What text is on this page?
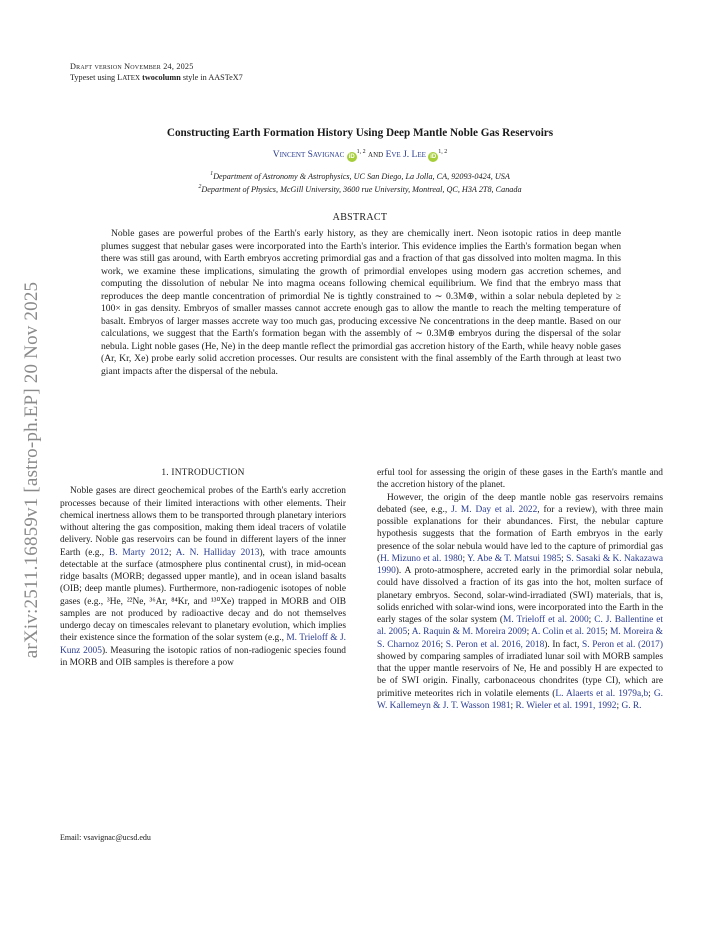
Draft version November 24, 2025
Typeset using LATEX twocolumn style in AASTeX7
arXiv:2511.16859v1 [astro-ph.EP] 20 Nov 2025
Constructing Earth Formation History Using Deep Mantle Noble Gas Reservoirs
Vincent Savignac iD$^{1, 2}$ and Eve J. Lee iD$^{1, 2}$
$^1$Department of Astronomy & Astrophysics, UC San Diego, La Jolla, CA, 92093-0424, USA
$^2$Department of Physics, McGill University, 3600 rue University, Montreal, QC, H3A 2T8, Canada
ABSTRACT

Noble gases are powerful probes of the Earth's early history, as they are chemically inert. Neon isotopic ratios in deep mantle plumes suggest that nebular gases were incorporated into the Earth's interior. This evidence implies the Earth's formation began when there was still gas around, with Earth embryos accreting primordial gas and a fraction of that gas dissolved into molten magma. In this work, we examine these implications, simulating the growth of primordial envelopes using modern gas accretion schemes, and computing the dissolution of nebular Ne into magma oceans following chemical equilibrium. We find that the embryo mass that reproduces the deep mantle concentration of primordial Ne is tightly constrained to ∼ 0.3M⊕, within a solar nebula depleted by ≥ 100× in gas density. Embryos of smaller masses cannot accrete enough gas to allow the mantle to reach the melting temperature of basalt. Embryos of larger masses accrete way too much gas, producing excessive Ne concentrations in the deep mantle. Based on our calculations, we suggest that the Earth's formation began with the assembly of ∼ 0.3M⊕ embryos during the dispersal of the solar nebula. Light noble gases (He, Ne) in the deep mantle reflect the primordial gas accretion history of the Earth, while heavy noble gases (Ar, Kr, Xe) probe early solid accretion processes. Our results are consistent with the final assembly of the Earth through at least two giant impacts after the dispersal of the nebula.

1. INTRODUCTION

Noble gases are direct geochemical probes of the Earth's early accretion processes because of their limited interactions with other elements. Their chemical inertness allows them to be transported through planetary interiors without altering the gas composition, making them ideal tracers of volatile delivery. Noble gas reservoirs can be found in different layers of the inner Earth (e.g., B. Marty 2012; A. N. Halliday 2013), with trace amounts detectable at the surface (atmosphere plus continental crust), in mid-ocean ridge basalts (MORB; degassed upper mantle), and in ocean island basalts (OIB; deep mantle plumes). Furthermore, non-radiogenic isotopes of noble gases (e.g., ³He, ²²Ne, ³⁶Ar, ⁸⁴Kr, and ¹³⁰Xe) trapped in MORB and OIB samples are not produced by radioactive decay and do not themselves undergo decay on timescales relevant to planetary evolution, which implies their existence since the formation of the solar system (e.g., M. Trieloff & J. Kunz 2005). Measuring the isotopic ratios of non-radiogenic species found in MORB and OIB samples is therefore a pow

erful tool for assessing the origin of these gases in the Earth's mantle and the accretion history of the planet.

However, the origin of the deep mantle noble gas reservoirs remains debated (see, e.g., J. M. Day et al. 2022, for a review), with three main possible explanations for their abundances. First, the nebular capture hypothesis suggests that the formation of Earth embryos in the early presence of the solar nebula would have led to the capture of primordial gas (H. Mizuno et al. 1980; Y. Abe & T. Matsui 1985; S. Sasaki & K. Nakazawa 1990). A proto-atmosphere, accreted early in the primordial solar nebula, could have dissolved a fraction of its gas into the hot, molten surface of planetary embryos. Second, solar-wind-irradiated (SWI) materials, that is, solids enriched with solar-wind ions, were incorporated into the Earth in the early stages of the solar system (M. Trieloff et al. 2000; C. J. Ballentine et al. 2005; A. Raquin & M. Moreira 2009; A. Colin et al. 2015; M. Moreira & S. Charnoz 2016; S. Peron et al. 2016, 2018). In fact, S. Peron et al. (2017) showed by comparing samples of irradiated lunar soil with MORB samples that the upper mantle reservoirs of Ne, He and possibly H are expected to be of SWI origin. Finally, carbonaceous chondrites (type CI), which are primitive meteorites rich in volatile elements (L. Alaerts et al. 1979a,b; G. W. Kallemeyn & J. T. Wasson 1981; R. Wieler et al. 1991, 1992; G. R.

Email: vsavignac@ucsd.edu
